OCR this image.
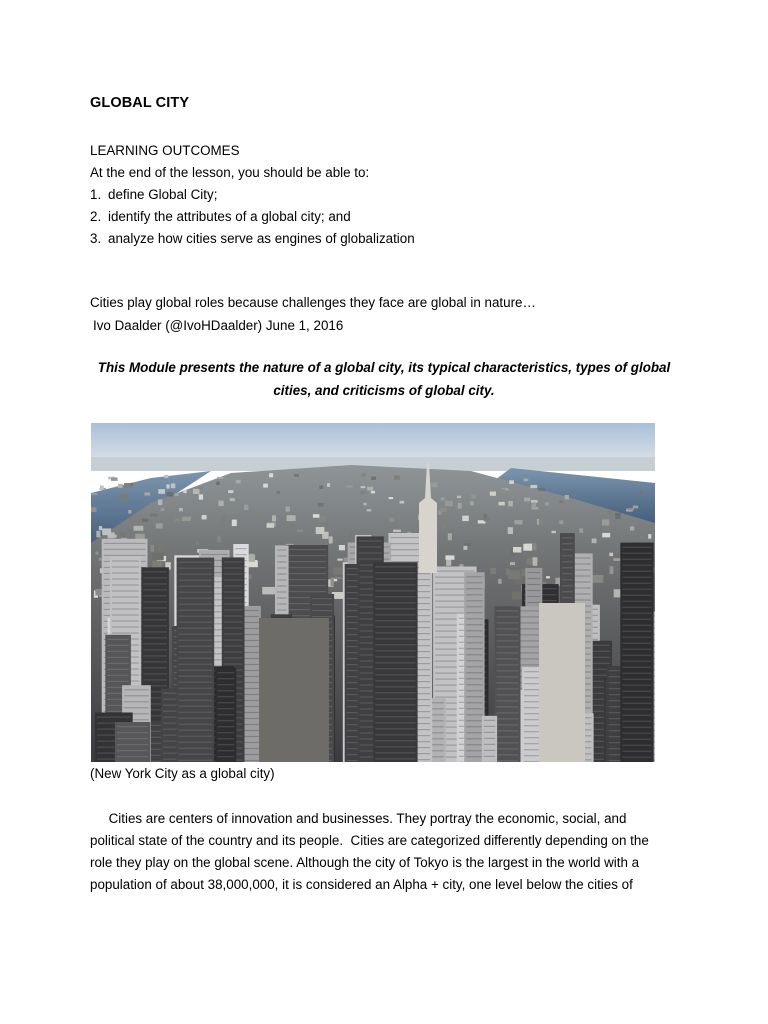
GLOBAL CITY
LEARNING OUTCOMES
At the end of the lesson, you should be able to:
1. define Global City;
2. identify the attributes of a global city; and
3. analyze how cities serve as engines of globalization
Cities play global roles because challenges they face are global in nature…
Ivo Daalder (@IvoHDaalder) June 1, 2016
This Module presents the nature of a global city, its typical characteristics, types of global
cities, and criticisms of global city.
(New York City as a global city)
Cities are centers of innovation and businesses. They portray the economic, social, and
political state of the country and its people.  Cities are categorized differently depending on the
role they play on the global scene. Although the city of Tokyo is the largest in the world with a
population of about 38,000,000, it is considered an Alpha + city, one level below the cities of
